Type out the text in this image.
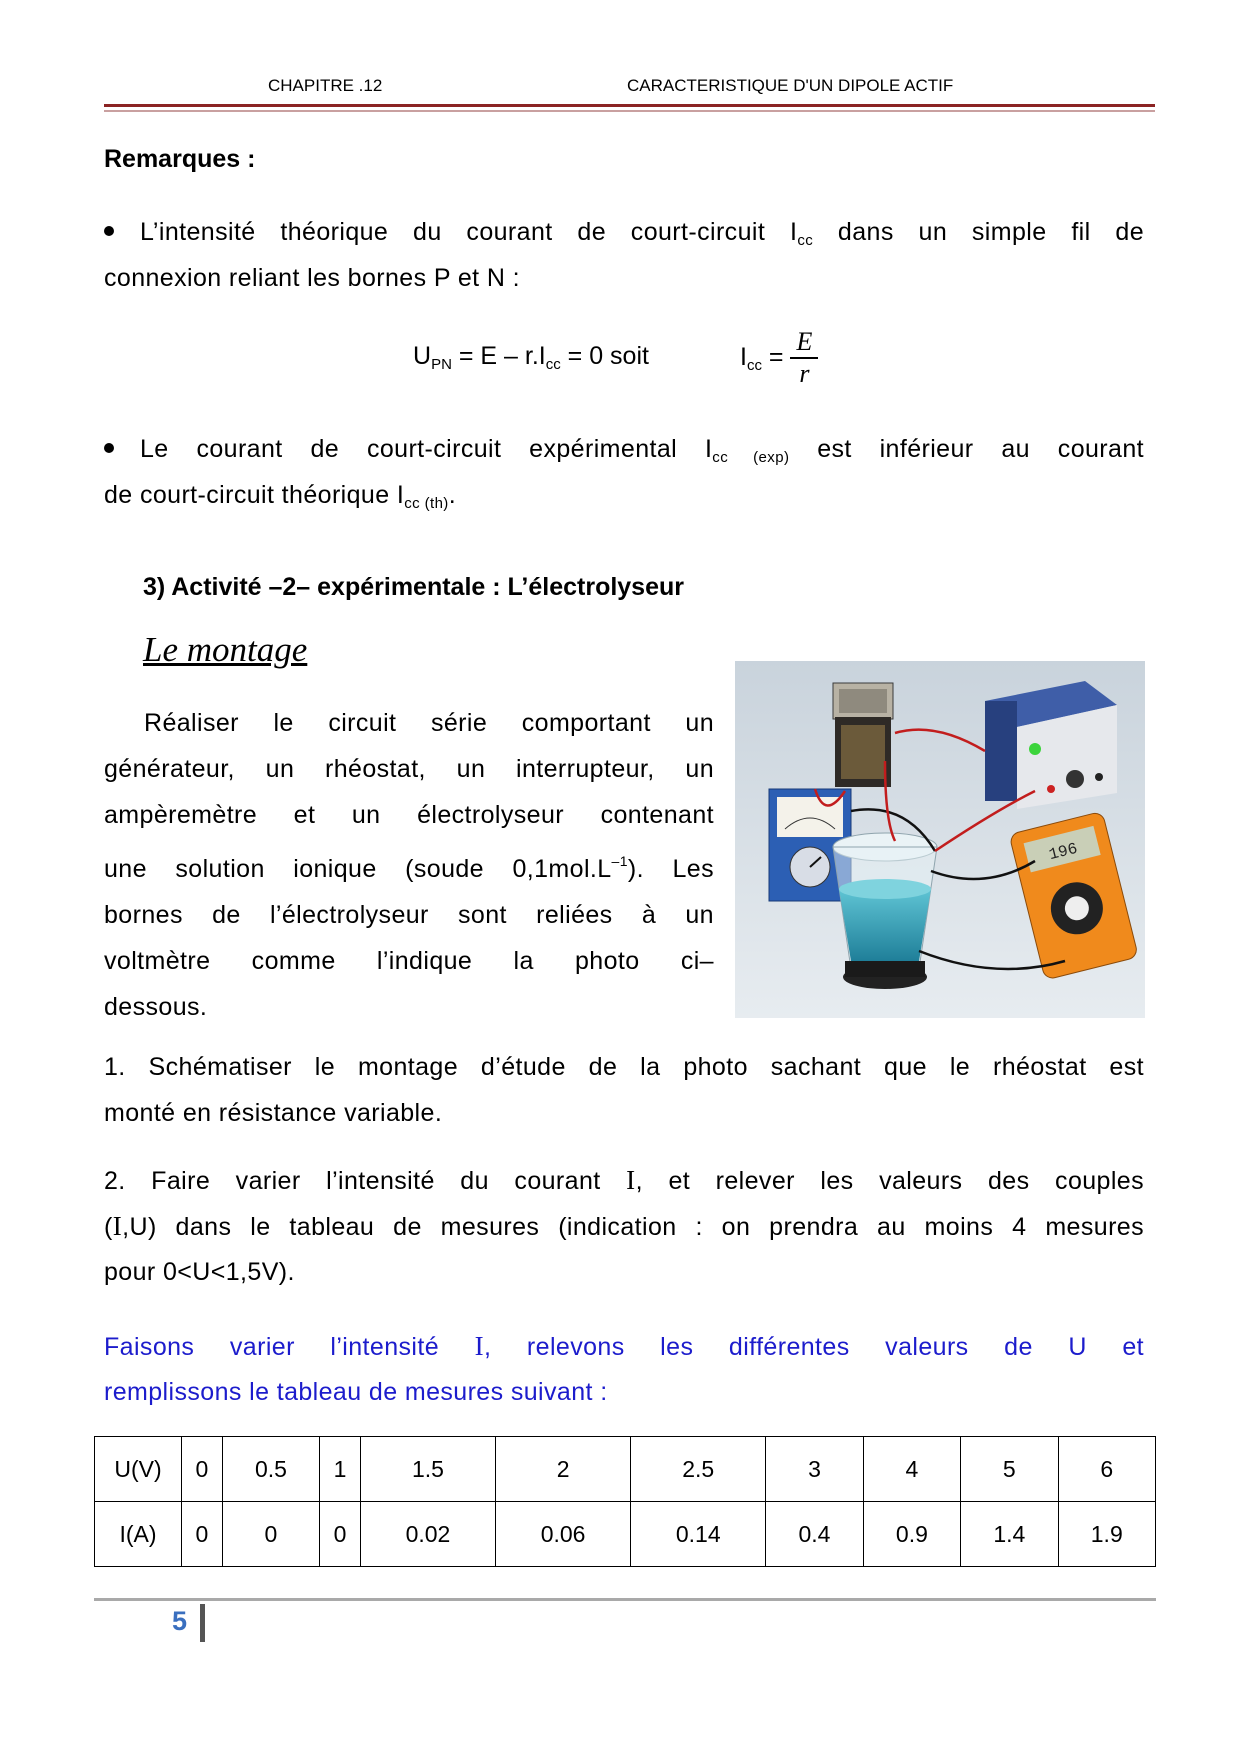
CHAPITRE .12	CARACTERISTIQUE D'UN DIPOLE ACTIF
Remarques :
L’intensité théorique du courant de court-circuit $I_{cc}$ dans un simple fil de
connexion reliant les bornes P et N :
$U_{PN} = E - r.I_{cc} = 0$ soit	$I_{cc} = \frac{E}{r}$
Le courant de court-circuit expérimental $I_{cc (exp)}$ est inférieur au courant
de court-circuit théorique $I_{cc (th)}$.
3) Activité –2– expérimentale : L’électrolyseur
Le montage
Réaliser le circuit série comportant un
générateur, un rhéostat, un interrupteur, un
ampèremètre et un électrolyseur contenant
une solution ionique (soude $0,1mol.L^{-1}$). Les
bornes de l’électrolyseur sont reliées à un
voltmètre comme l’indique la photo ci–
dessous.
196
1. Schématiser le montage d’étude de la photo sachant que le rhéostat est
monté en résistance variable.
2. Faire varier l’intensité du courant I, et relever les valeurs des couples
(I,U) dans le tableau de mesures (indication : on prendra au moins 4 mesures
pour 0<U<1,5V).
Faisons varier l’intensité I, relevons les différentes valeurs de U et
remplissons le tableau de mesures suivant :
U(V)	0	0.5	1	1.5	2	2.5	3	4	5	6
I(A)	0	0	0	0.02	0.06	0.14	0.4	0.9	1.4	1.9
5
